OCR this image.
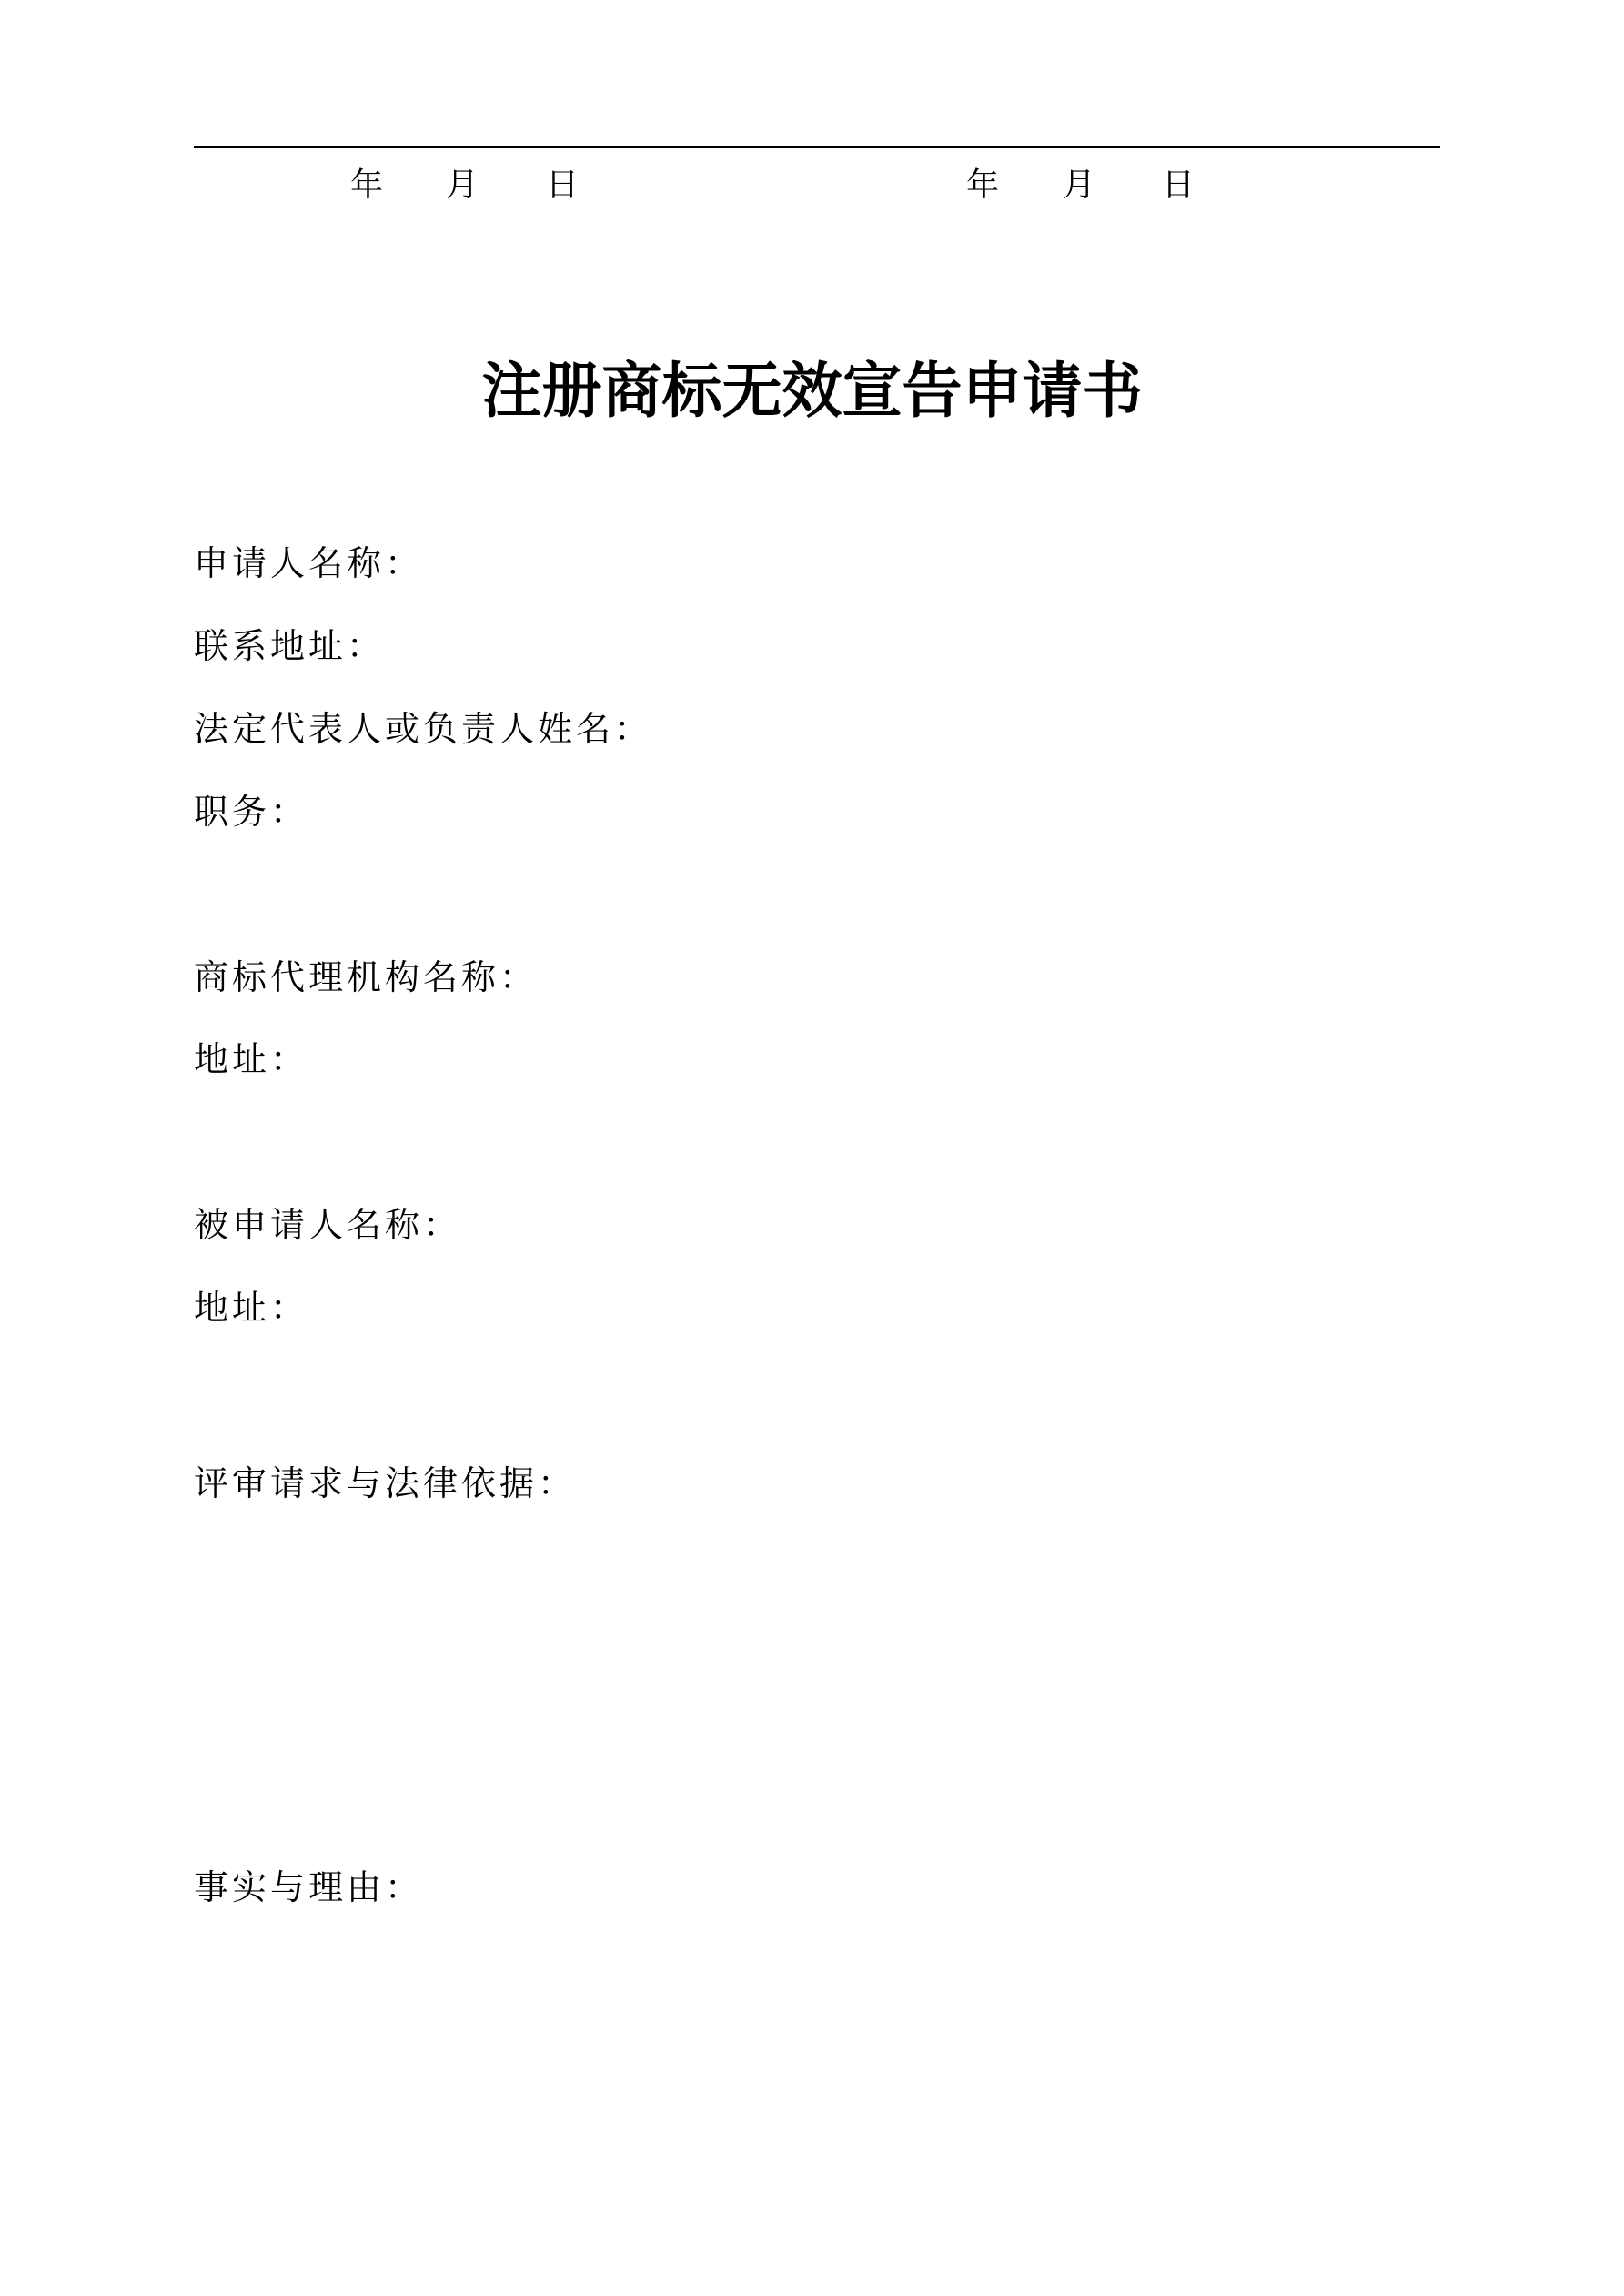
年 月 日	年 月 日
注册商标无效宣告申请书
申请人名称：
联系地址：
法定代表人或负责人姓名：
职务：
商标代理机构名称：
地址：
被申请人名称：
地址：
评审请求与法律依据：
事实与理由：
